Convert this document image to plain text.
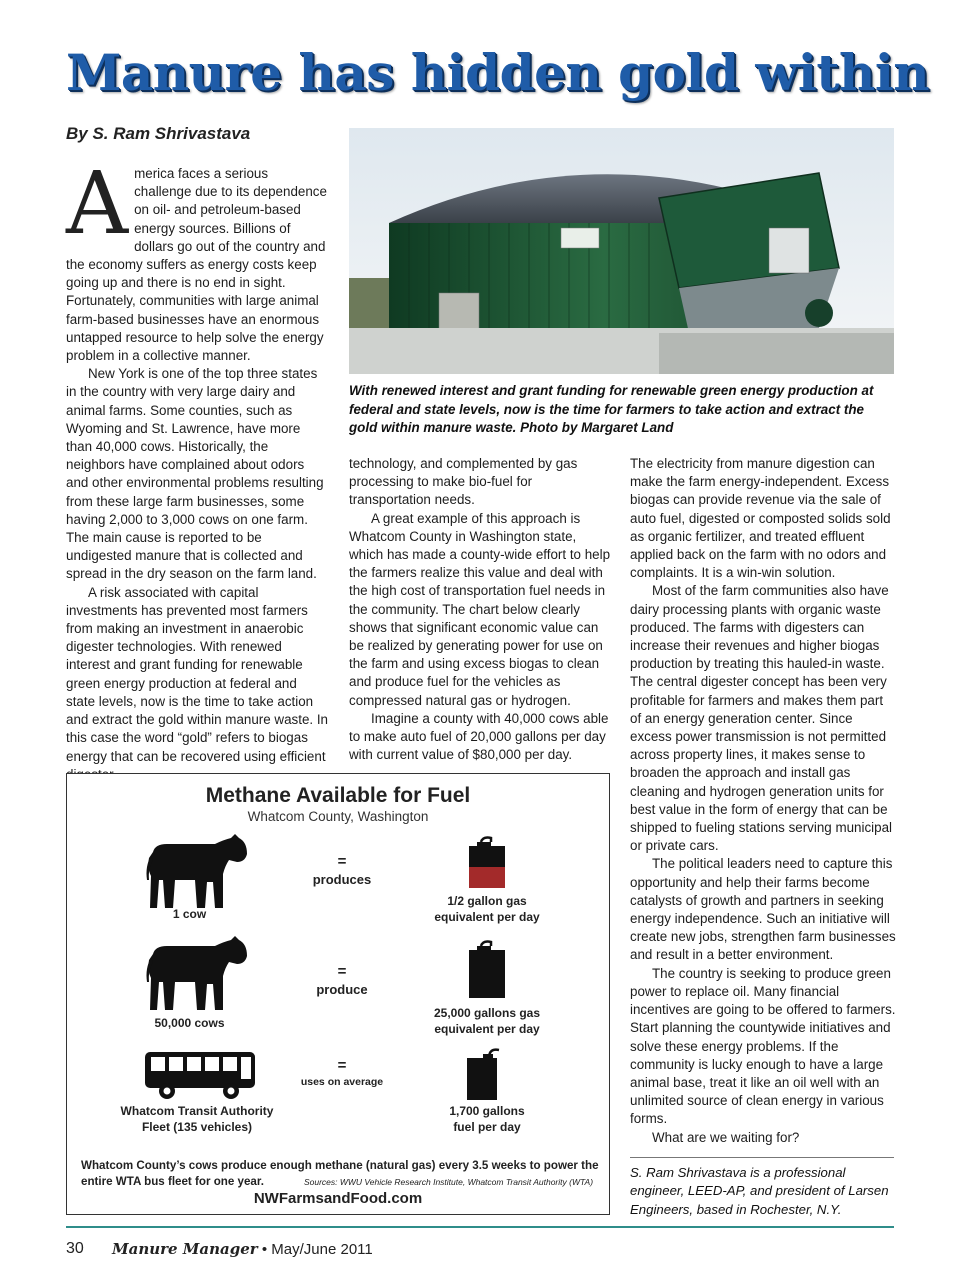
Manure has hidden gold within
By S. Ram Shrivastava

America faces a serious challenge due to its dependence on oil- and petroleum-based energy sources. Billions of dollars go out of the country and the economy suffers as energy costs keep going up and there is no end in sight. Fortunately, communities with large animal farm-based businesses have an enormous untapped resource to help solve the energy problem in a collective manner.

New York is one of the top three states in the country with very large dairy and animal farms. Some counties, such as Wyoming and St. Lawrence, have more than 40,000 cows. Historically, the neighbors have complained about odors and other environmental problems resulting from these large farm businesses, some having 2,000 to 3,000 cows on one farm. The main cause is reported to be undigested manure that is collected and spread in the dry season on the farm land.

A risk associated with capital investments has prevented most farmers from making an investment in anaerobic digester technologies. With renewed interest and grant funding for renewable green energy production at federal and state levels, now is the time to take action and extract the gold within manure waste. In this case the word “gold” refers to biogas energy that can be recovered using efficient

With renewed interest and grant funding for renewable green energy production at federal and state levels, now is the time for farmers to take action and extract the gold within manure waste. Photo by Margaret Land

technology, and complemented by gas processing to make bio-fuel for transportation needs.

A great example of this approach is Whatcom County in Washington state, which has made a county-wide effort to help the farmers realize this value and deal with the high cost of transportation fuel needs in the community. The chart below clearly shows that significant economic value can be realized by generating power for use on the farm and using excess biogas to clean and produce fuel for the vehicles as compressed natural gas or hydrogen.

Imagine a county with 40,000 cows able to make auto fuel of 20,000 gallons per day with current value of $80,000 per day.

The electricity from manure digestion can make the farm energy-independent. Excess biogas can provide revenue via the sale of auto fuel, digested or composted solids sold as organic fertilizer, and treated effluent applied back on the farm with no odors and complaints. It is a win-win solution.

Most of the farm communities also have dairy processing plants with organic waste produced. The farms with digesters can increase their revenues and higher biogas production by treating this hauled-in waste. The central digester concept has been very profitable for farmers and makes them part of an energy generation center. Since excess power transmission is not permitted across property lines, it makes sense to broaden the approach and install gas cleaning and hydrogen generation units for best value in the form of energy that can be shipped to fueling stations serving municipal or private cars.

The political leaders need to capture this opportunity and help their farms become catalysts of growth and partners in seeking energy independence. Such an initiative will create new jobs, strengthen farm businesses and result in a better environment.

The country is seeking to produce green power to replace oil. Many financial incentives are going to be offered to farmers. Start planning the countywide initiatives and solve these energy problems. If the community is lucky enough to have a large animal base, treat it like an oil well with an unlimited source of clean energy in various forms.

What are we waiting for?

S. Ram Shrivastava is a professional engineer, LEED-AP, and president of Larsen Engineers, based in Rochester, N.Y.
Methane Available for Fuel
Whatcom County, Washington
1 cow
=
produces
1/2 gallon gas
equivalent per day
50,000 cows
=
produce
25,000 gallons gas
equivalent per day
Whatcom Transit Authority
Fleet (135 vehicles)
=
uses on average
1,700 gallons
fuel per day
Whatcom County’s cows produce enough methane (natural gas) every 3.5 weeks to power the entire WTA bus fleet for one year.	Sources: WWU Vehicle Research Institute, Whatcom Transit Authority (WTA)
NWFarmsandFood.com
30 Manure Manager • May/June 2011
